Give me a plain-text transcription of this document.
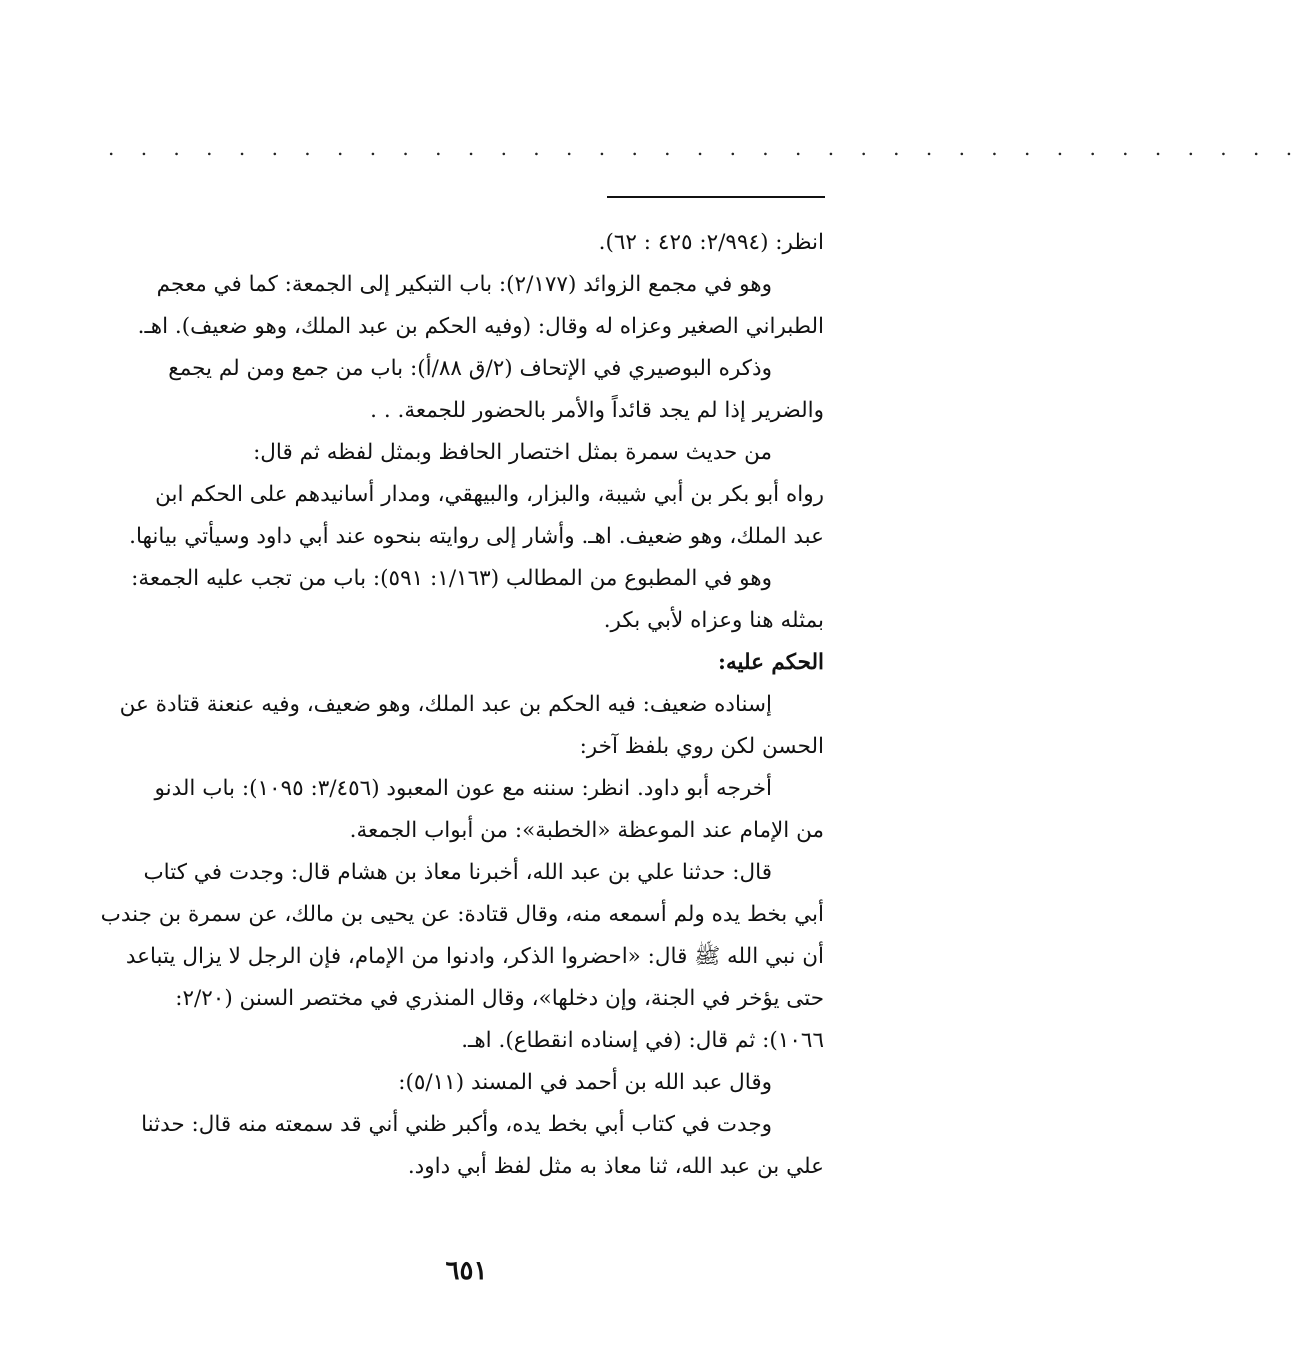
. . . . . . . . . . . . . . . . . . . . . . . . . . . . . . . . . . . . .
انظر: (٢/٩٩٤: ٤٢٥ : ٦٢).
وهو في مجمع الزوائد (٢/١٧٧): باب التبكير إلى الجمعة: كما في معجم
الطبراني الصغير وعزاه له وقال: (وفيه الحكم بن عبد الملك، وهو ضعيف). اهـ.
وذكره البوصيري في الإتحاف (٢/ق ٨٨/أ): باب من جمع ومن لم يجمع
والضرير إذا لم يجد قائداً والأمر بالحضور للجمعة. . .
من حديث سمرة بمثل اختصار الحافظ وبمثل لفظه ثم قال:
رواه أبو بكر بن أبي شيبة، والبزار، والبيهقي، ومدار أسانيدهم على الحكم ابن
عبد الملك، وهو ضعيف. اهـ. وأشار إلى روايته بنحوه عند أبي داود وسيأتي بيانها.
وهو في المطبوع من المطالب (١/١٦٣: ٥٩١): باب من تجب عليه الجمعة:
بمثله هنا وعزاه لأبي بكر.
الحكم عليه:
إسناده ضعيف: فيه الحكم بن عبد الملك، وهو ضعيف، وفيه عنعنة قتادة عن
الحسن لكن روي بلفظ آخر:
أخرجه أبو داود. انظر: سننه مع عون المعبود (٣/٤٥٦: ١٠٩٥): باب الدنو
من الإمام عند الموعظة «الخطبة»: من أبواب الجمعة.
قال: حدثنا علي بن عبد الله، أخبرنا معاذ بن هشام قال: وجدت في كتاب
أبي بخط يده ولم أسمعه منه، وقال قتادة: عن يحيى بن مالك، عن سمرة بن جندب
أن نبي الله ﷺ قال: «احضروا الذكر، وادنوا من الإمام، فإن الرجل لا يزال يتباعد
حتى يؤخر في الجنة، وإن دخلها»، وقال المنذري في مختصر السنن (٢/٢٠:
١٠٦٦): ثم قال: (في إسناده انقطاع). اهـ.
وقال عبد الله بن أحمد في المسند (٥/١١):
وجدت في كتاب أبي بخط يده، وأكبر ظني أني قد سمعته منه قال: حدثنا
علي بن عبد الله، ثنا معاذ به مثل لفظ أبي داود.
٦٥١
